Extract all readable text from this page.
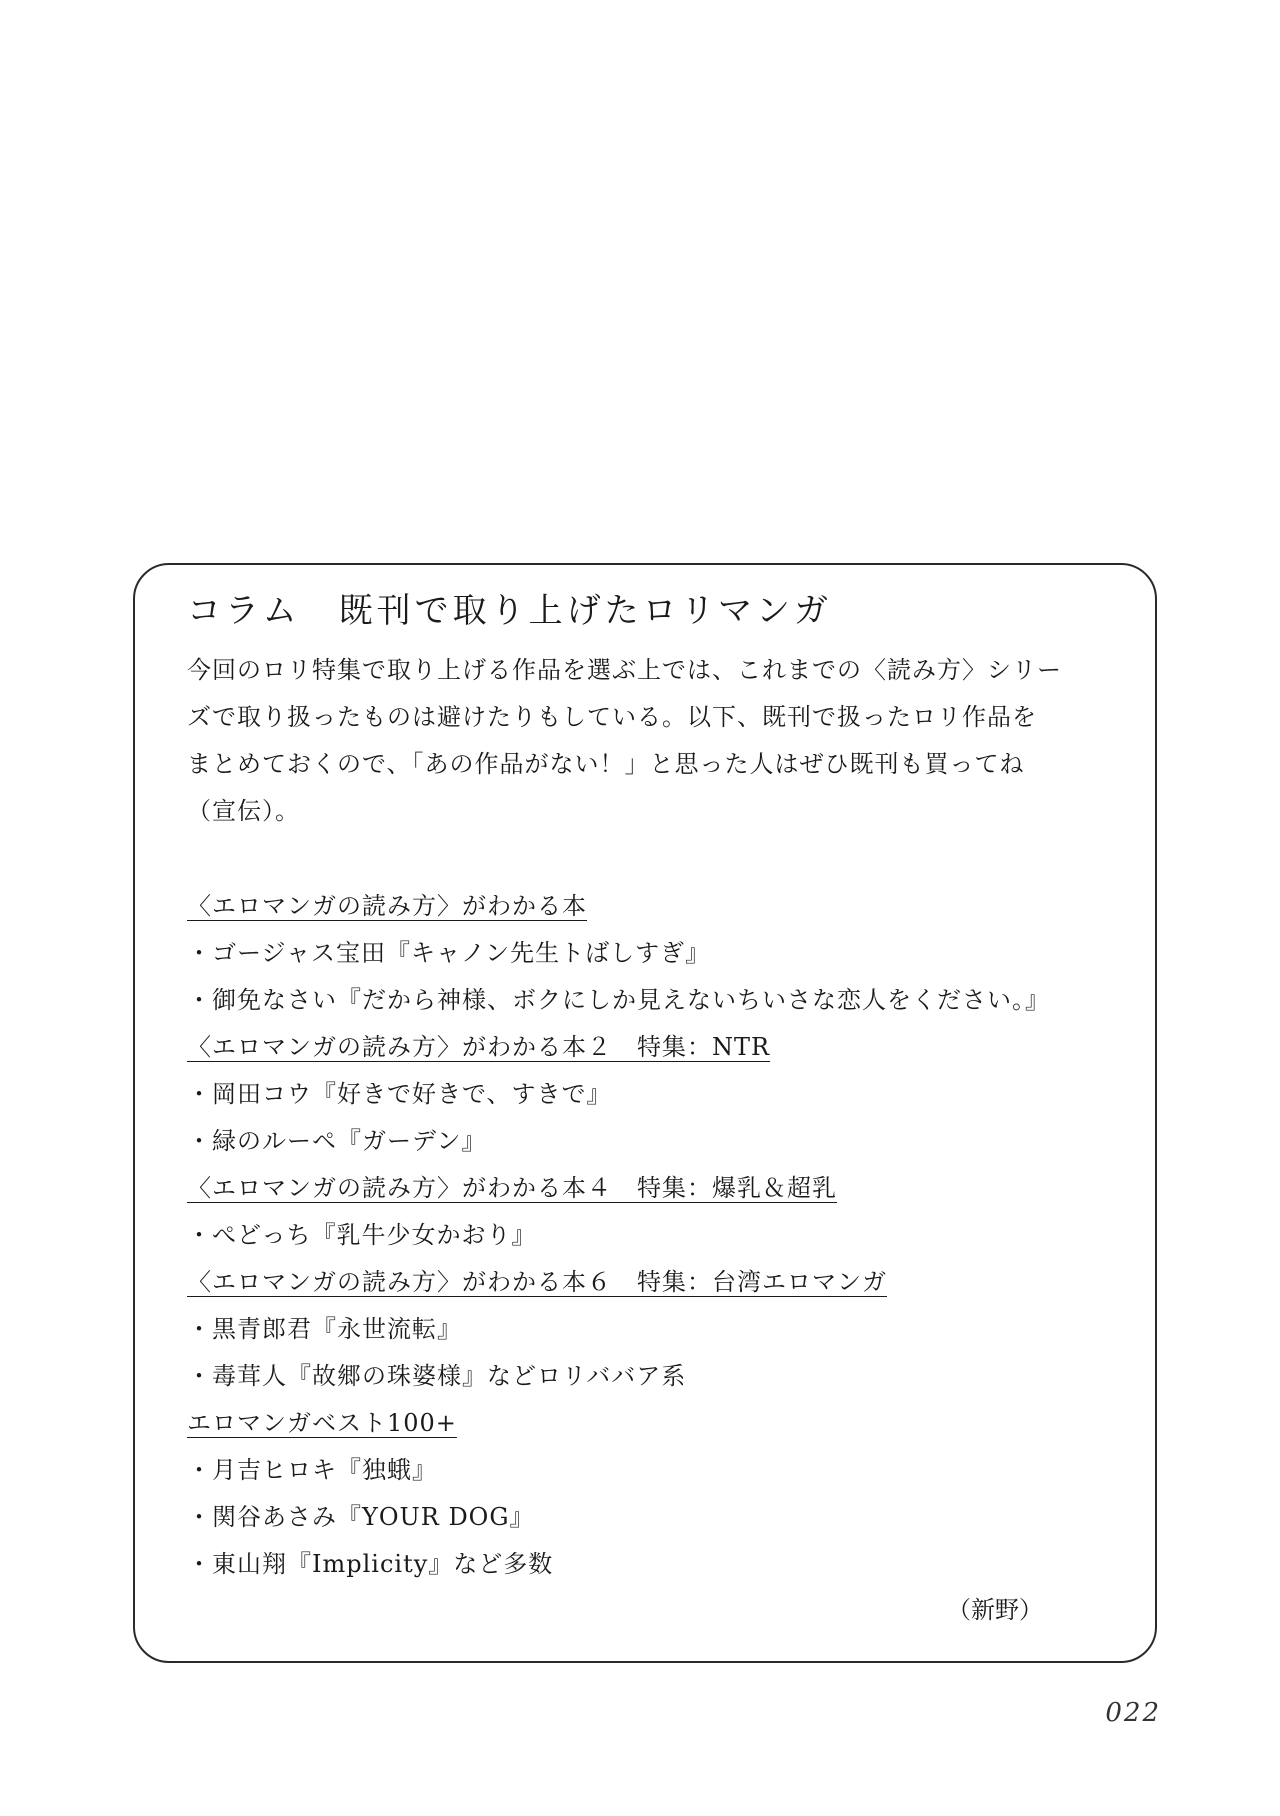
コラム　既刊で取り上げたロリマンガ

今回のロリ特集で取り上げる作品を選ぶ上では、これまでの〈読み方〉シリー

ズで取り扱ったものは避けたりもしている。以下、既刊で扱ったロリ作品を

まとめておくので、「あの作品がない！」と思った人はぜひ既刊も買ってね

（宣伝）。

〈エロマンガの読み方〉がわかる本
・ゴージャス宝田『キャノン先生トばしすぎ』
・御免なさい『だから神様、ボクにしか見えないちいさな恋人をください。』
〈エロマンガの読み方〉がわかる本２　特集：NTR
・岡田コウ『好きで好きで、すきで』
・緑のルーペ『ガーデン』
〈エロマンガの読み方〉がわかる本４　特集：爆乳＆超乳
・ぺどっち『乳牛少女かおり』
〈エロマンガの読み方〉がわかる本６　特集：台湾エロマンガ
・黒青郎君『永世流転』
・毒茸人『故郷の珠婆様』などロリババア系
エロマンガベスト100+
・月吉ヒロキ『独蛾』
・関谷あさみ『YOUR DOG』
・東山翔『Implicity』など多数
（新野）
022
